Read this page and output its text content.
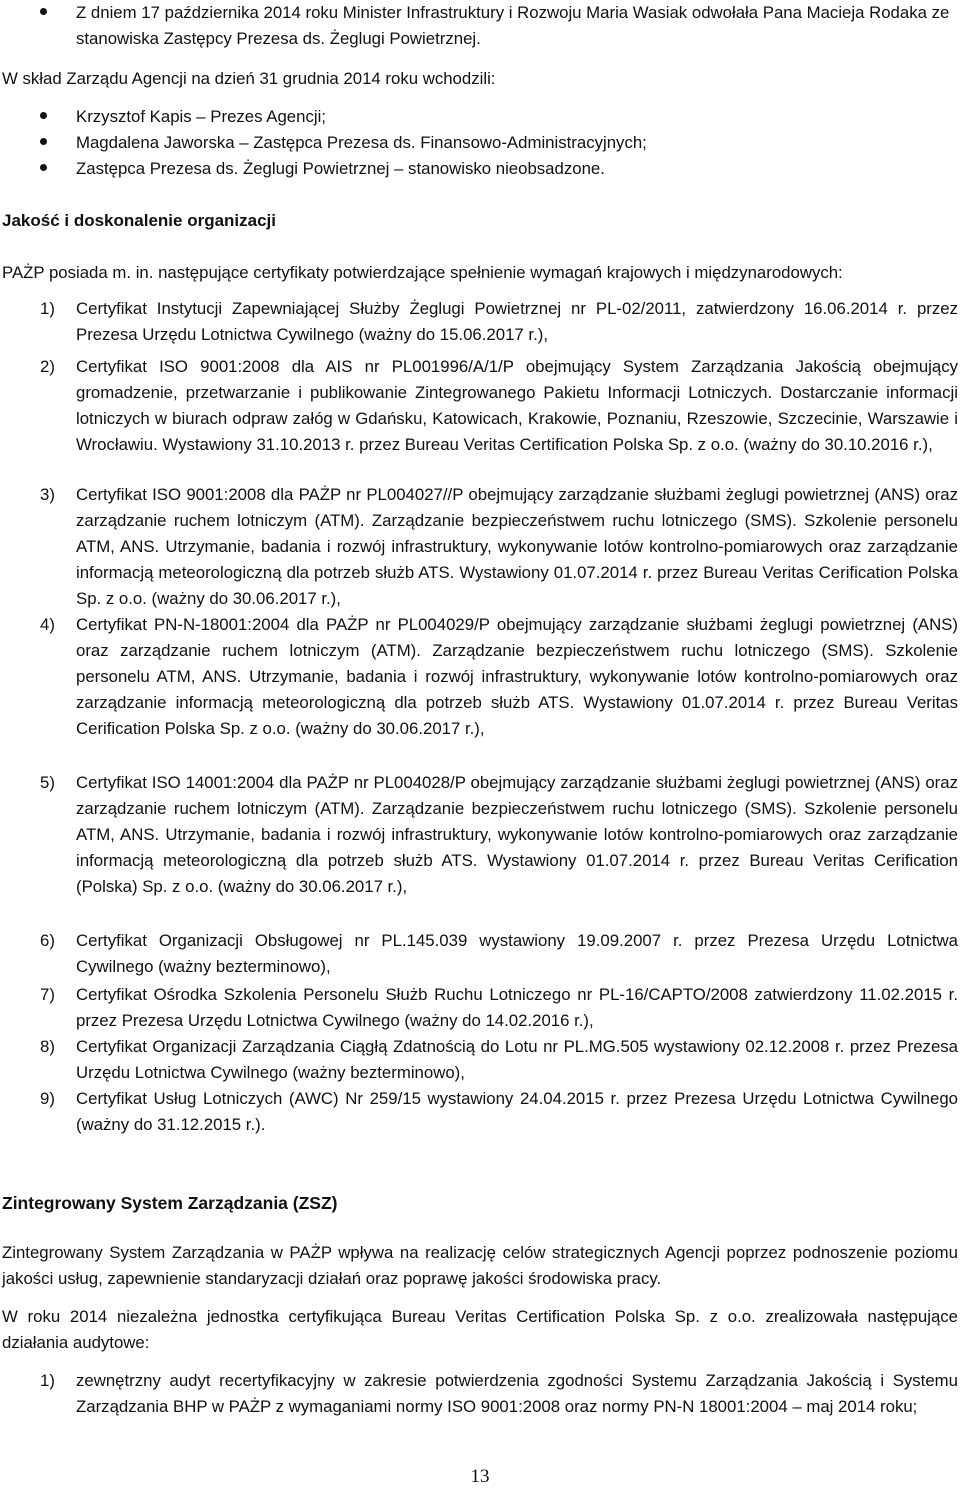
Z dniem 17 października 2014 roku Minister Infrastruktury i Rozwoju Maria Wasiak odwołała Pana Macieja Rodaka ze stanowiska Zastępcy Prezesa ds. Żeglugi Powietrznej.
W skład Zarządu Agencji na dzień 31 grudnia 2014 roku wchodzili:
Krzysztof Kapis – Prezes Agencji;
Magdalena Jaworska – Zastępca Prezesa ds. Finansowo-Administracyjnych;
Zastępca Prezesa ds. Żeglugi Powietrznej – stanowisko nieobsadzone.
Jakość i doskonalenie organizacji
PAŻP posiada m. in. następujące certyfikaty potwierdzające spełnienie wymagań krajowych i międzynarodowych:
1) Certyfikat Instytucji Zapewniającej Służby Żeglugi Powietrznej nr PL-02/2011, zatwierdzony 16.06.2014 r. przez Prezesa Urzędu Lotnictwa Cywilnego (ważny do 15.06.2017 r.),
2) Certyfikat ISO 9001:2008 dla AIS nr PL001996/A/1/P obejmujący System Zarządzania Jakością obejmujący gromadzenie, przetwarzanie i publikowanie Zintegrowanego Pakietu Informacji Lotniczych. Dostarczanie informacji lotniczych w biurach odpraw załóg w Gdańsku, Katowicach, Krakowie, Poznaniu, Rzeszowie, Szczecinie, Warszawie i Wrocławiu. Wystawiony 31.10.2013 r. przez Bureau Veritas Certification Polska Sp. z o.o. (ważny do 30.10.2016 r.),
3) Certyfikat ISO 9001:2008 dla PAŻP nr PL004027//P obejmujący zarządzanie służbami żeglugi powietrznej (ANS) oraz zarządzanie ruchem lotniczym (ATM). Zarządzanie bezpieczeństwem ruchu lotniczego (SMS). Szkolenie personelu ATM, ANS. Utrzymanie, badania i rozwój infrastruktury, wykonywanie lotów kontrolno-pomiarowych oraz zarządzanie informacją meteorologiczną dla potrzeb służb ATS. Wystawiony 01.07.2014 r. przez Bureau Veritas Cerification Polska Sp. z o.o. (ważny do 30.06.2017 r.),
4) Certyfikat PN-N-18001:2004 dla PAŻP nr PL004029/P obejmujący zarządzanie służbami żeglugi powietrznej (ANS) oraz zarządzanie ruchem lotniczym (ATM). Zarządzanie bezpieczeństwem ruchu lotniczego (SMS). Szkolenie personelu ATM, ANS. Utrzymanie, badania i rozwój infrastruktury, wykonywanie lotów kontrolno-pomiarowych oraz zarządzanie informacją meteorologiczną dla potrzeb służb ATS. Wystawiony 01.07.2014 r. przez Bureau Veritas Cerification Polska Sp. z o.o. (ważny do 30.06.2017 r.),
5) Certyfikat ISO 14001:2004 dla PAŻP nr PL004028/P obejmujący zarządzanie służbami żeglugi powietrznej (ANS) oraz zarządzanie ruchem lotniczym (ATM). Zarządzanie bezpieczeństwem ruchu lotniczego (SMS). Szkolenie personelu ATM, ANS. Utrzymanie, badania i rozwój infrastruktury, wykonywanie lotów kontrolno-pomiarowych oraz zarządzanie informacją meteorologiczną dla potrzeb służb ATS. Wystawiony 01.07.2014 r. przez Bureau Veritas Cerification (Polska) Sp. z o.o. (ważny do 30.06.2017 r.),
6) Certyfikat Organizacji Obsługowej nr PL.145.039 wystawiony 19.09.2007 r. przez Prezesa Urzędu Lotnictwa Cywilnego (ważny bezterminowo),
7) Certyfikat Ośrodka Szkolenia Personelu Służb Ruchu Lotniczego nr PL-16/CAPTO/2008 zatwierdzony 11.02.2015 r. przez Prezesa Urzędu Lotnictwa Cywilnego (ważny do 14.02.2016 r.),
8) Certyfikat Organizacji Zarządzania Ciągłą Zdatnością do Lotu nr PL.MG.505 wystawiony 02.12.2008 r. przez Prezesa Urzędu Lotnictwa Cywilnego (ważny bezterminowo),
9) Certyfikat Usług Lotniczych (AWC) Nr 259/15 wystawiony 24.04.2015 r. przez Prezesa Urzędu Lotnictwa Cywilnego (ważny do 31.12.2015 r.).
Zintegrowany System Zarządzania (ZSZ)
Zintegrowany System Zarządzania w PAŻP wpływa na realizację celów strategicznych Agencji poprzez podnoszenie poziomu jakości usług, zapewnienie standaryzacji działań oraz poprawę jakości środowiska pracy.
W roku 2014 niezależna jednostka certyfikująca Bureau Veritas Certification Polska Sp. z o.o. zrealizowała następujące działania audytowe:
1) zewnętrzny audyt recertyfikacyjny w zakresie potwierdzenia zgodności Systemu Zarządzania Jakością i Systemu Zarządzania BHP w PAŻP z wymaganiami normy ISO 9001:2008 oraz normy PN-N 18001:2004 – maj 2014 roku;
13
